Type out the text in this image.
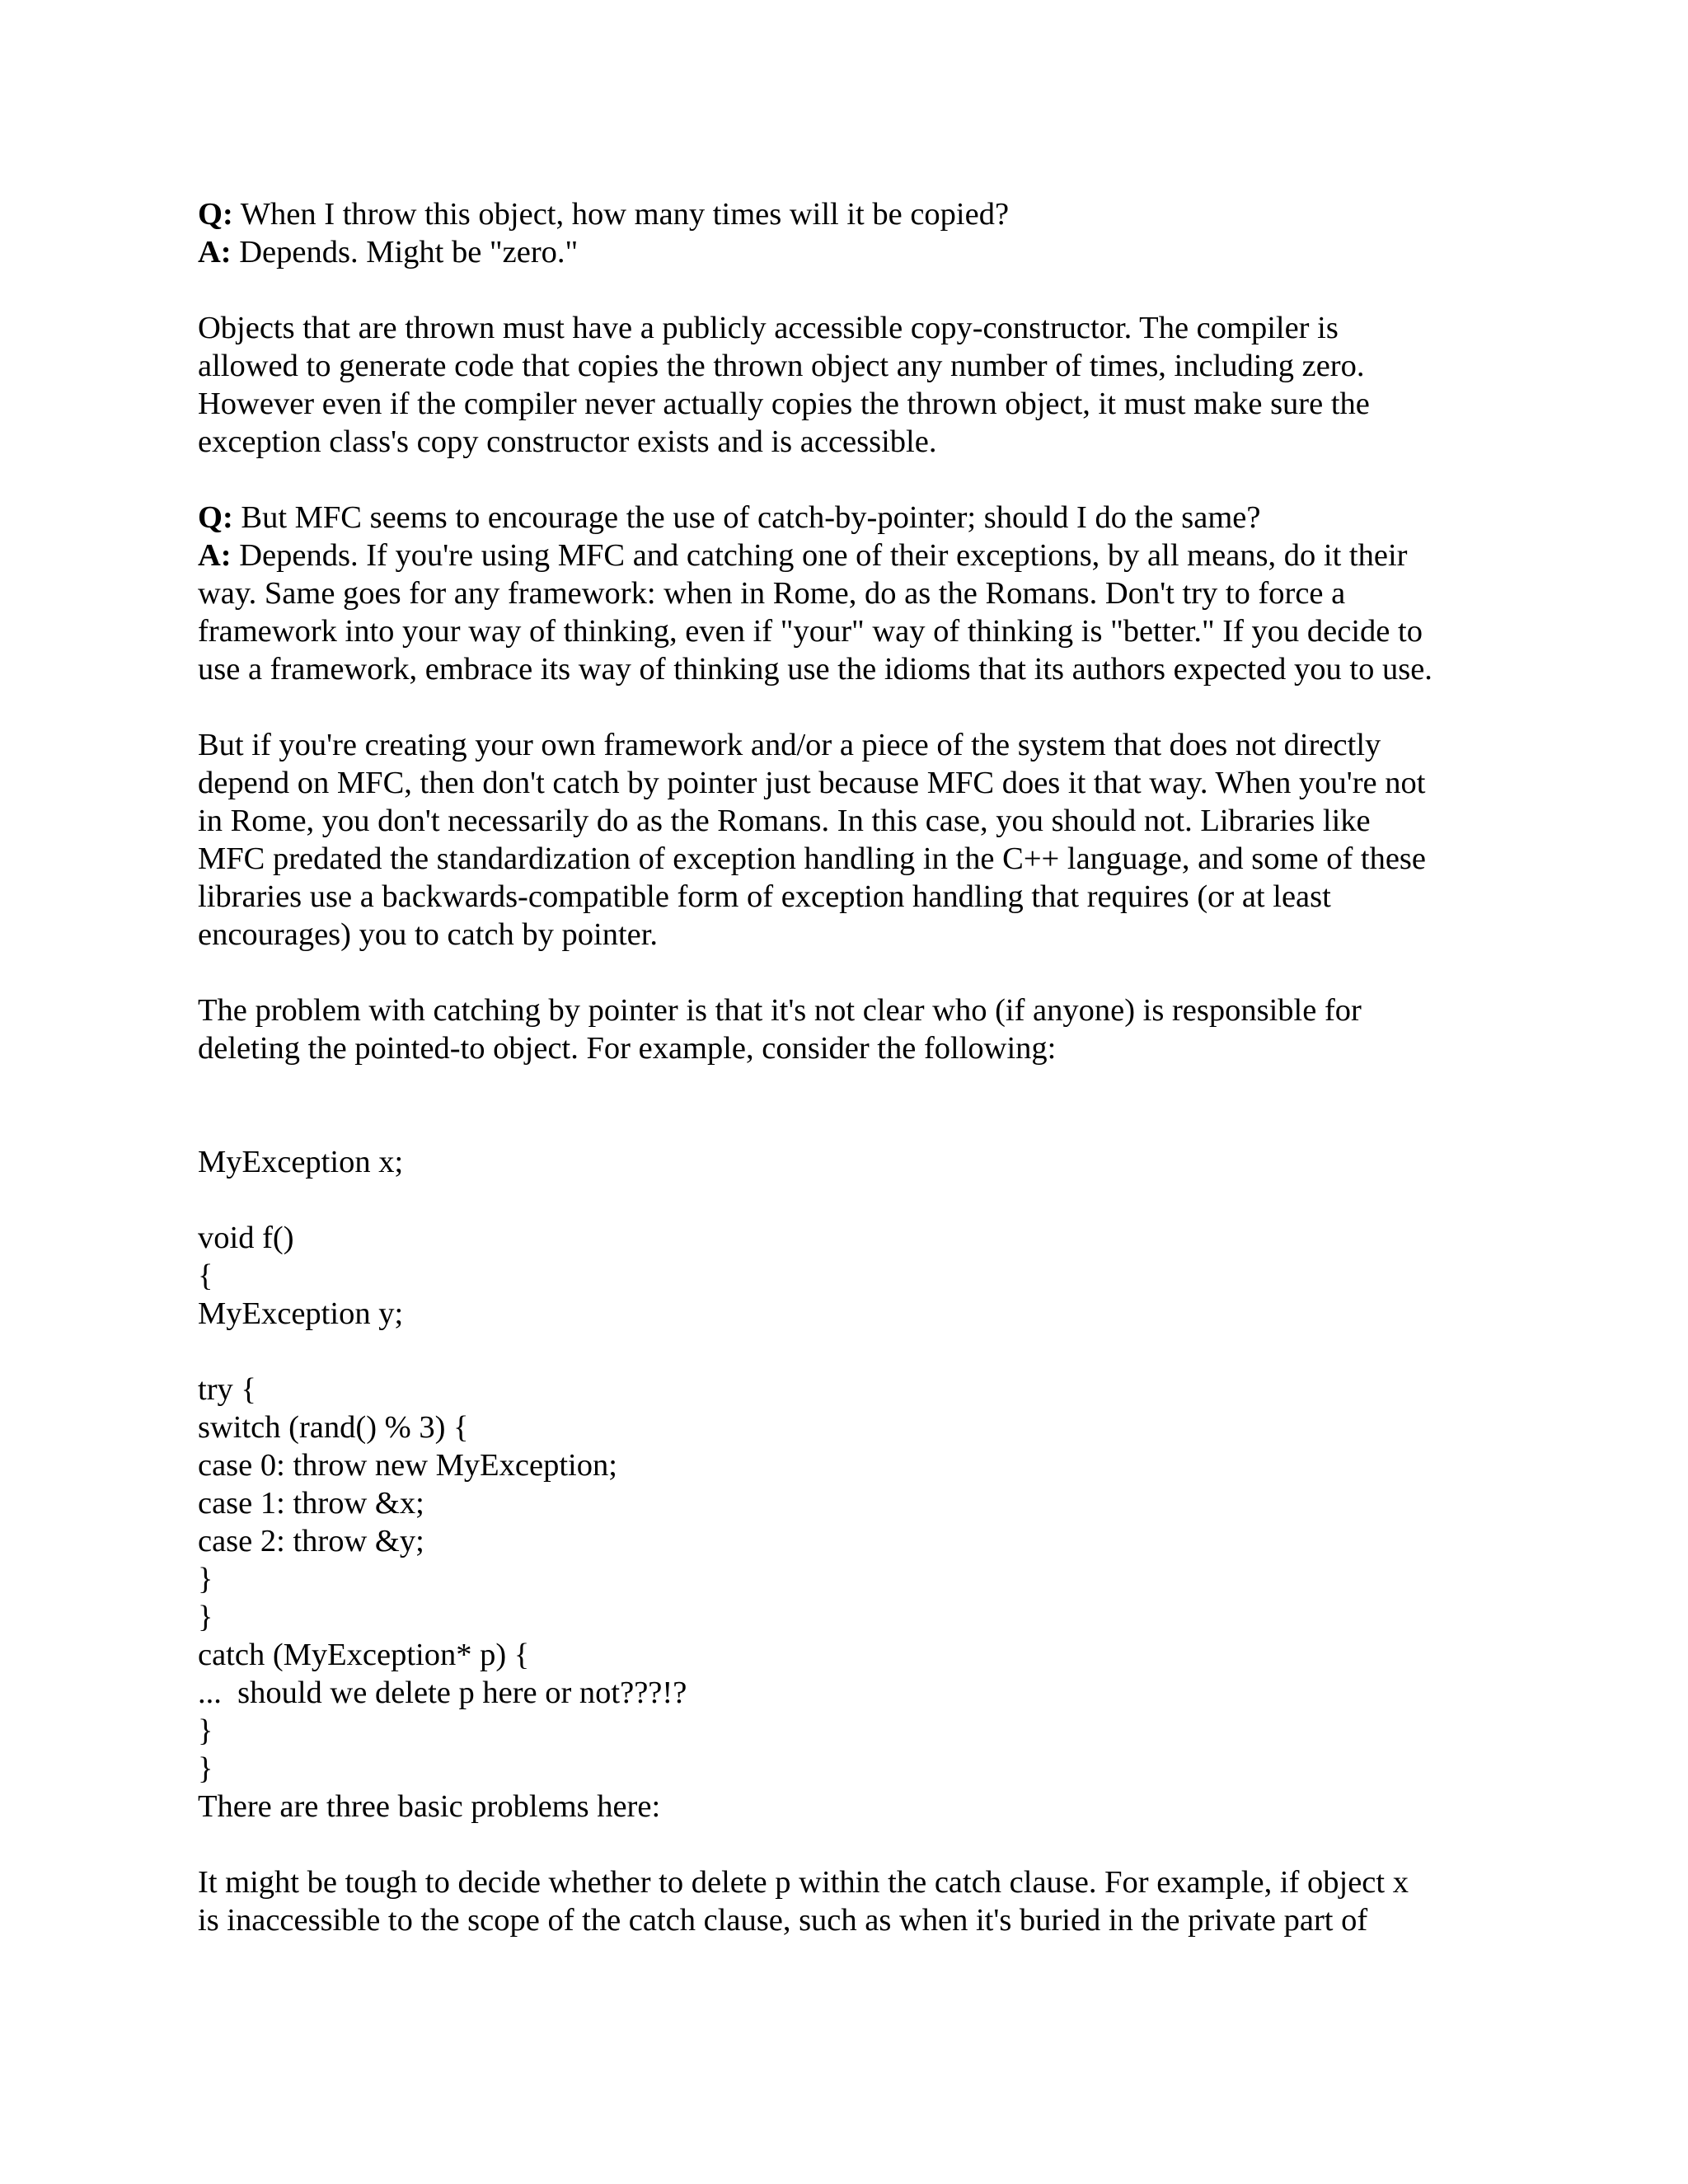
Q: When I throw this object, how many times will it be copied?
A: Depends. Might be "zero."
Objects that are thrown must have a publicly accessible copy-constructor. The compiler is
allowed to generate code that copies the thrown object any number of times, including zero.
However even if the compiler never actually copies the thrown object, it must make sure the
exception class's copy constructor exists and is accessible.
Q: But MFC seems to encourage the use of catch-by-pointer; should I do the same?
A: Depends. If you're using MFC and catching one of their exceptions, by all means, do it their
way. Same goes for any framework: when in Rome, do as the Romans. Don't try to force a
framework into your way of thinking, even if "your" way of thinking is "better." If you decide to
use a framework, embrace its way of thinking use the idioms that its authors expected you to use.
But if you're creating your own framework and/or a piece of the system that does not directly
depend on MFC, then don't catch by pointer just because MFC does it that way. When you're not
in Rome, you don't necessarily do as the Romans. In this case, you should not. Libraries like
MFC predated the standardization of exception handling in the C++ language, and some of these
libraries use a backwards-compatible form of exception handling that requires (or at least
encourages) you to catch by pointer.
The problem with catching by pointer is that it's not clear who (if anyone) is responsible for
deleting the pointed-to object. For example, consider the following:
MyException x;
void f()
{
MyException y;
try {
switch (rand() % 3) {
case 0: throw new MyException;
case 1: throw &x;
case 2: throw &y;
}
}
catch (MyException* p) {
...  should we delete p here or not???!?
}
}
There are three basic problems here:
It might be tough to decide whether to delete p within the catch clause. For example, if object x
is inaccessible to the scope of the catch clause, such as when it's buried in the private part of
